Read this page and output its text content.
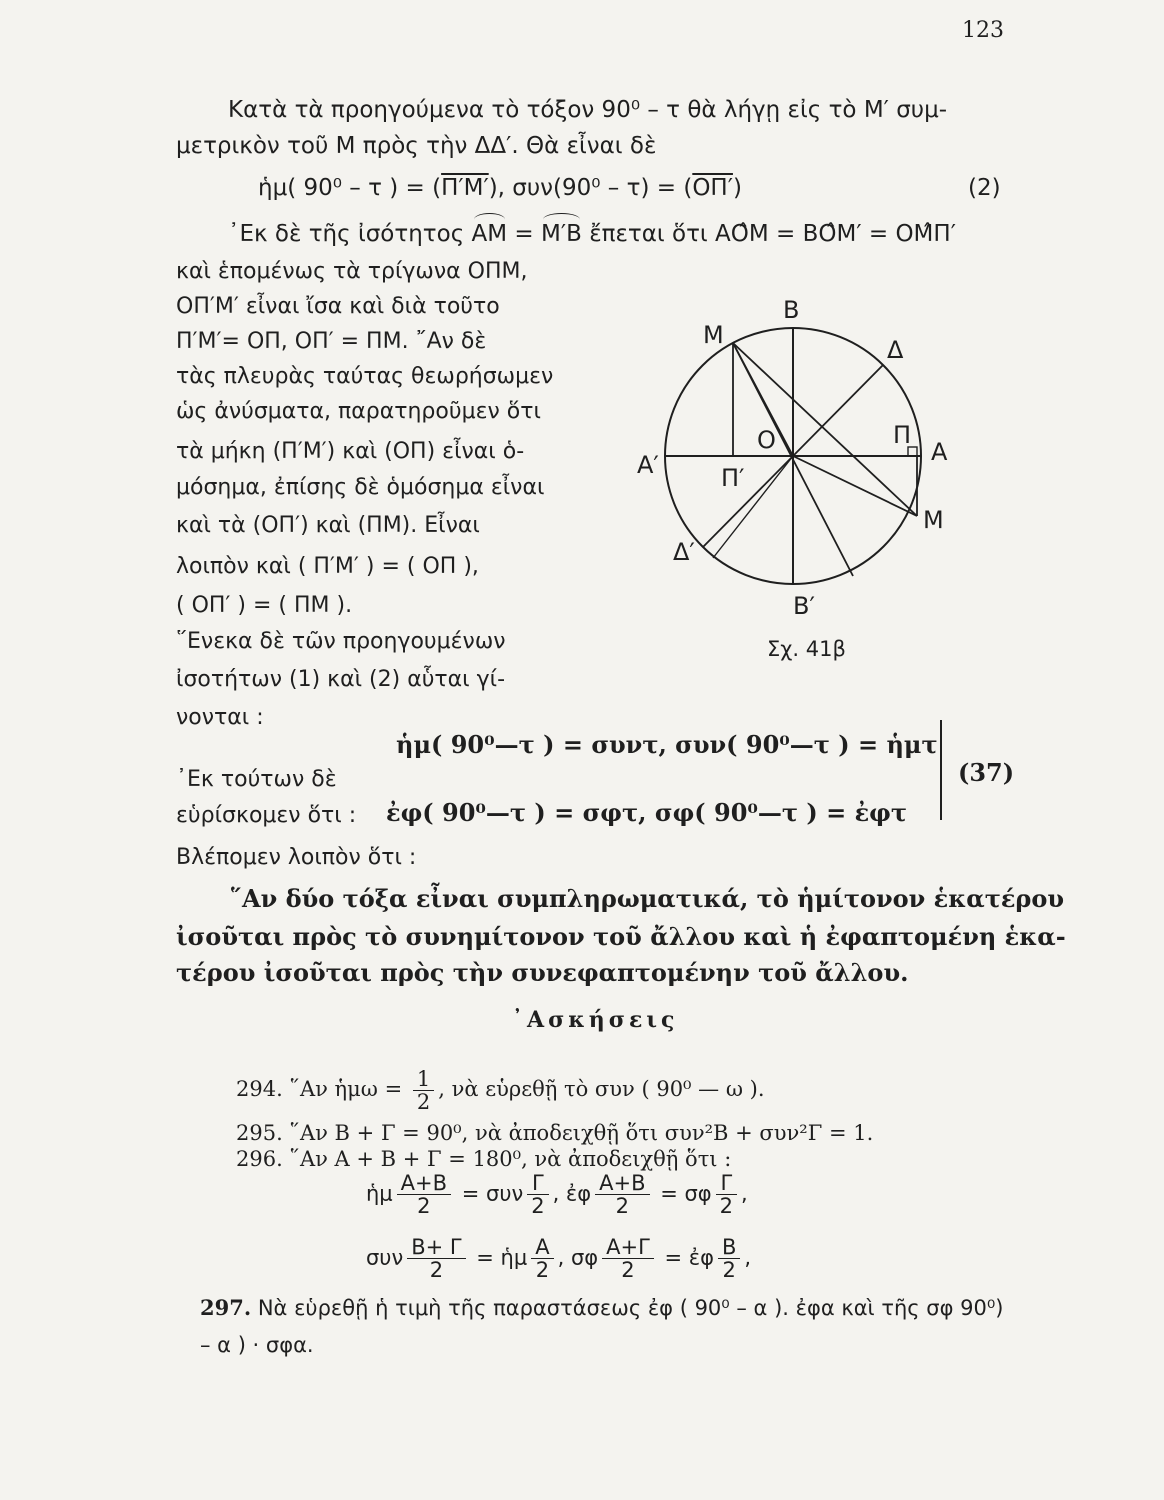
123
Κατὰ τὰ προηγούμενα τὸ τόξον 90⁰ – τ θὰ λήγῃ εἰς τὸ Μ′ συμ-
μετρικὸν τοῦ Μ πρὸς τὴν ΔΔ′. Θὰ εἶναι δὲ
ἡμ( 90⁰ – τ ) = (Π′Μ′), συν(90⁰ – τ) = (ΟΠ′)	(2)
᾿Εκ δὲ τῆς ἰσότητος ΑΜ = Μ′Β ἔπεται ὅτι ΑΟ̂Μ = ΒΟ̂Μ′ = ΟΜ̂Π′
καὶ ἑπομένως τὰ τρίγωνα ΟΠΜ,
ΟΠ′Μ′ εἶναι ἴσα καὶ διὰ τοῦτο
Π′Μ′= ΟΠ, ΟΠ′ = ΠΜ. ῎Αν δὲ
τὰς πλευρὰς ταύτας θεωρήσωμεν
ὡς ἀνύσματα, παρατηροῦμεν ὅτι
τὰ μήκη (Π′Μ′) καὶ (ΟΠ) εἶναι ὁ-
μόσημα, ἐπίσης δὲ ὁμόσημα εἶναι
καὶ τὰ (ΟΠ′) καὶ (ΠΜ). Εἶναι
λοιπὸν καὶ ( Π′Μ′ ) = ( ΟΠ ),
( ΟΠ′ ) = ( ΠΜ ).
῞Ενεκα δὲ τῶν προηγουμένων
ἰσοτήτων (1) καὶ (2) αὗται γί-
νονται :
Β
Μ
Δ
Ο	Π
Α
Α′	Π′
Μ
Δ′
Β′
Σχ. 41β
ἡμ( 90⁰—τ ) = συντ, συν( 90⁰—τ ) = ἡμτ
᾿Εκ τούτων δὲ
ἐφ( 90⁰—τ ) = σφτ, σφ( 90⁰—τ ) = ἐφτ
εὑρίσκομεν ὅτι :
(37)
Βλέπομεν λοιπὸν ὅτι :
῞Αν δύο τόξα εἶναι συμπληρωματικά, τὸ ἡμίτονον ἑκατέρου
ἰσοῦται πρὸς τὸ συνημίτονον τοῦ ἄλλου καὶ ἡ ἐφαπτομένη ἑκα-
τέρου ἰσοῦται πρὸς τὴν συνεφαπτομένην τοῦ ἄλλου.
᾿Ασκήσεις
294. ῞Αν ἡμω = $\frac{1}{2}$ , νὰ εὑρεθῇ τὸ συν ( 90⁰ — ω ).
295. ῞Αν Β + Γ = 90⁰, νὰ ἀποδειχθῇ ὅτι συν²Β + συν²Γ = 1.
296. ῞Αν Α + Β + Γ = 180⁰, νὰ ἀποδειχθῇ ὅτι :
ἡμ $\frac{A+B}{2} = \sigma\upsilon\nu \frac{\Gamma}{2}$ , ἐφ $\frac{A+B}{2} = \sigma\varphi \frac{\Gamma}{2}$ ,
συν $\frac{B+ \Gamma}{2}$ = ἡμ $\frac{A}{2}$ , σφ $\frac{A+\Gamma}{2}$ = ἐφ $\frac{B}{2}$ ,
297. Νὰ εὑρεθῇ ἡ τιμὴ τῆς παραστάσεως ἐφ ( 90⁰ – α ). ἐφα καὶ τῆς σφ 90⁰)
– α ) · σφα.
